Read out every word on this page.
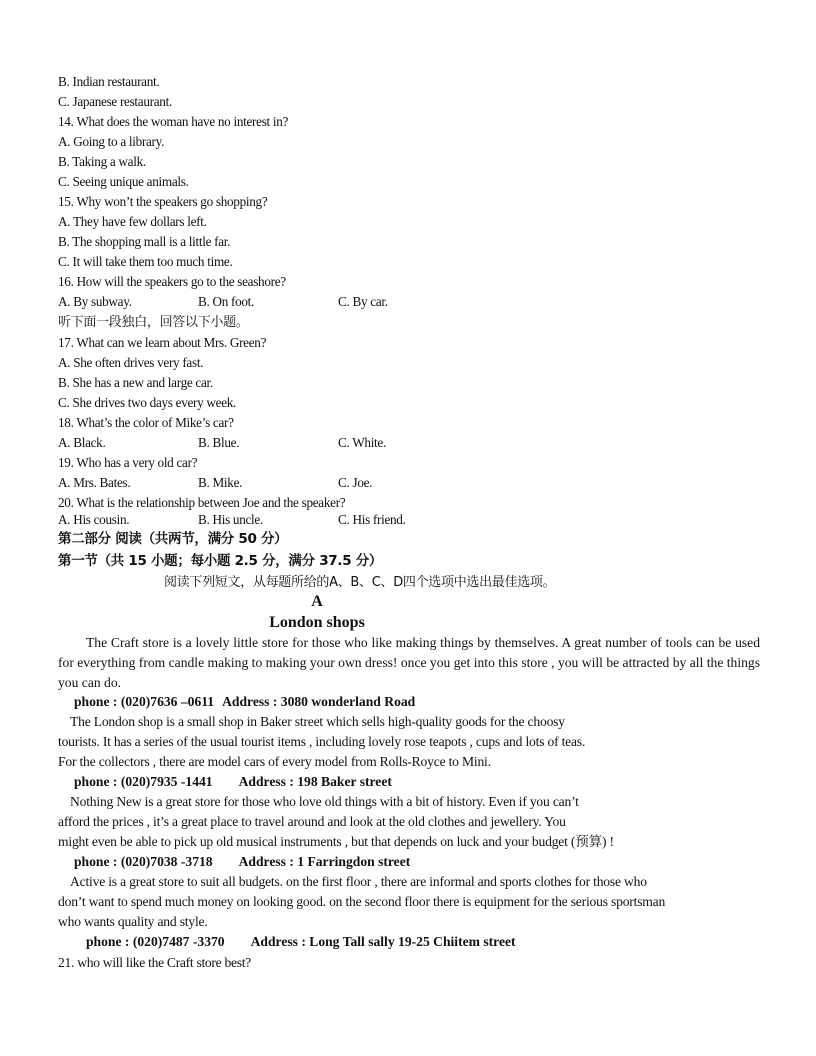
B. Indian restaurant.
C. Japanese restaurant.
14. What does the woman have no interest in?
A. Going to a library.
B. Taking a walk.
C. Seeing unique animals.
15. Why won’t the speakers go shopping?
A. They have few dollars left.
B. The shopping mall is a little far.
C. It will take them too much time.
16. How will the speakers go to the seashore?
A. By subway.	B. On foot.	C. By car.
听下面一段独白，回答以下小题。
17. What can we learn about Mrs. Green?
A. She often drives very fast.
B. She has a new and large car.
C. She drives two days every week.
18. What’s the color of Mike’s car?
A. Black.	B. Blue.	C. White.
19. Who has a very old car?
A. Mrs. Bates.	B. Mike.	C. Joe.
20. What is the relationship between Joe and the speaker?
A. His cousin.	B. His uncle.	C. His friend.
第二部分 阅读（共两节，满分 50 分）
第一节（共 15 小题；每小题 2.5 分，满分 37.5 分）
阅读下列短文，从每题所给的A、B、C、D四个选项中选出最佳选项。
A
London shops
The Craft store is a lovely little store for those who like making things by themselves. A great number of tools can be used for everything from candle making to making your own dress! once you get into this store , you will be attracted by all the things you can do.
phone : (020)7636 –0611 Address : 3080 wonderland Road
The London shop is a small shop in Baker street which sells high-quality goods for the choosy
tourists. It has a series of the usual tourist items , including lovely rose teapots , cups and lots of teas.
For the collectors , there are model cars of every model from Rolls-Royce to Mini.
phone : (020)7935 -1441 Address : 198 Baker street
Nothing New is a great store for those who love old things with a bit of history. Even if you can’t
afford the prices , it’s a great place to travel around and look at the old clothes and jewellery. You
might even be able to pick up old musical instruments , but that depends on luck and your budget (预算) !
phone : (020)7038 -3718 Address : 1 Farringdon street
Active is a great store to suit all budgets. on the first floor , there are informal and sports clothes for those who
don’t want to spend much money on looking good. on the second floor there is equipment for the serious sportsman
who wants quality and style.
phone : (020)7487 -3370 Address : Long Tall sally 19-25 Chiitem street
21. who will like the Craft store best?
